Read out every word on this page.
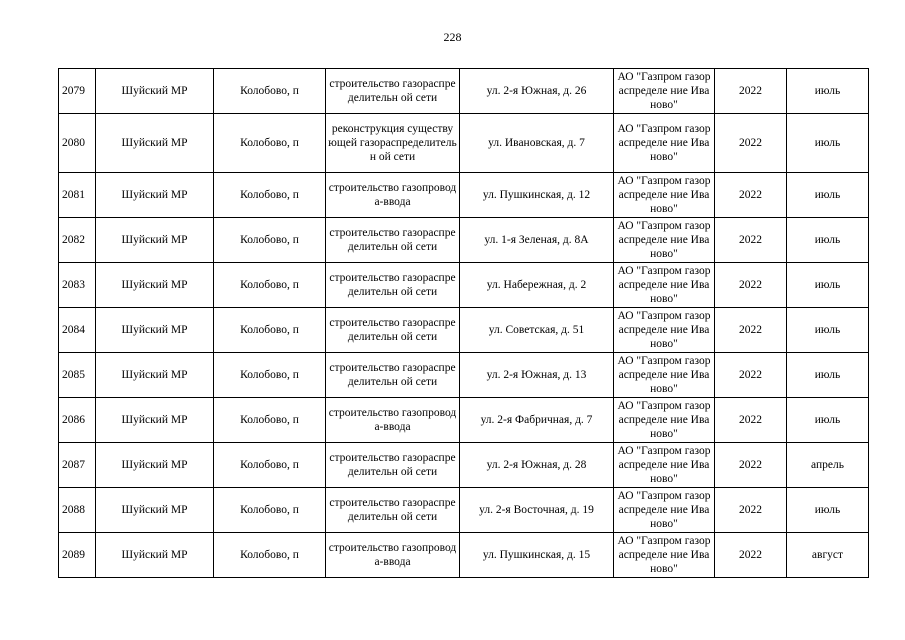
228
2079	Шуйский МР	Колобово, п	строительство газораспределительн ой сети	ул. 2-я Южная, д. 26	АО "Газпром газораспределе ние Иваново"	2022	июль
2080	Шуйский МР	Колобово, п	реконструкция существующей газораспределительн ой сети	ул. Ивановская, д. 7	АО "Газпром газораспределе ние Иваново"	2022	июль
2081	Шуйский МР	Колобово, п	строительство газопровода-ввода	ул. Пушкинская, д. 12	АО "Газпром газораспределе ние Иваново"	2022	июль
2082	Шуйский МР	Колобово, п	строительство газораспределительн ой сети	ул. 1-я Зеленая, д. 8А	АО "Газпром газораспределе ние Иваново"	2022	июль
2083	Шуйский МР	Колобово, п	строительство газораспределительн ой сети	ул. Набережная, д. 2	АО "Газпром газораспределе ние Иваново"	2022	июль
2084	Шуйский МР	Колобово, п	строительство газораспределительн ой сети	ул. Советская, д. 51	АО "Газпром газораспределе ние Иваново"	2022	июль
2085	Шуйский МР	Колобово, п	строительство газораспределительн ой сети	ул. 2-я Южная, д. 13	АО "Газпром газораспределе ние Иваново"	2022	июль
2086	Шуйский МР	Колобово, п	строительство газопровода-ввода	ул. 2-я Фабричная, д. 7	АО "Газпром газораспределе ние Иваново"	2022	июль
2087	Шуйский МР	Колобово, п	строительство газораспределительн ой сети	ул. 2-я Южная, д. 28	АО "Газпром газораспределе ние Иваново"	2022	апрель
2088	Шуйский МР	Колобово, п	строительство газораспределительн ой сети	ул. 2-я Восточная, д. 19	АО "Газпром газораспределе ние Иваново"	2022	июль
2089	Шуйский МР	Колобово, п	строительство газопровода-ввода	ул. Пушкинская, д. 15	АО "Газпром газораспределе ние Иваново"	2022	август
